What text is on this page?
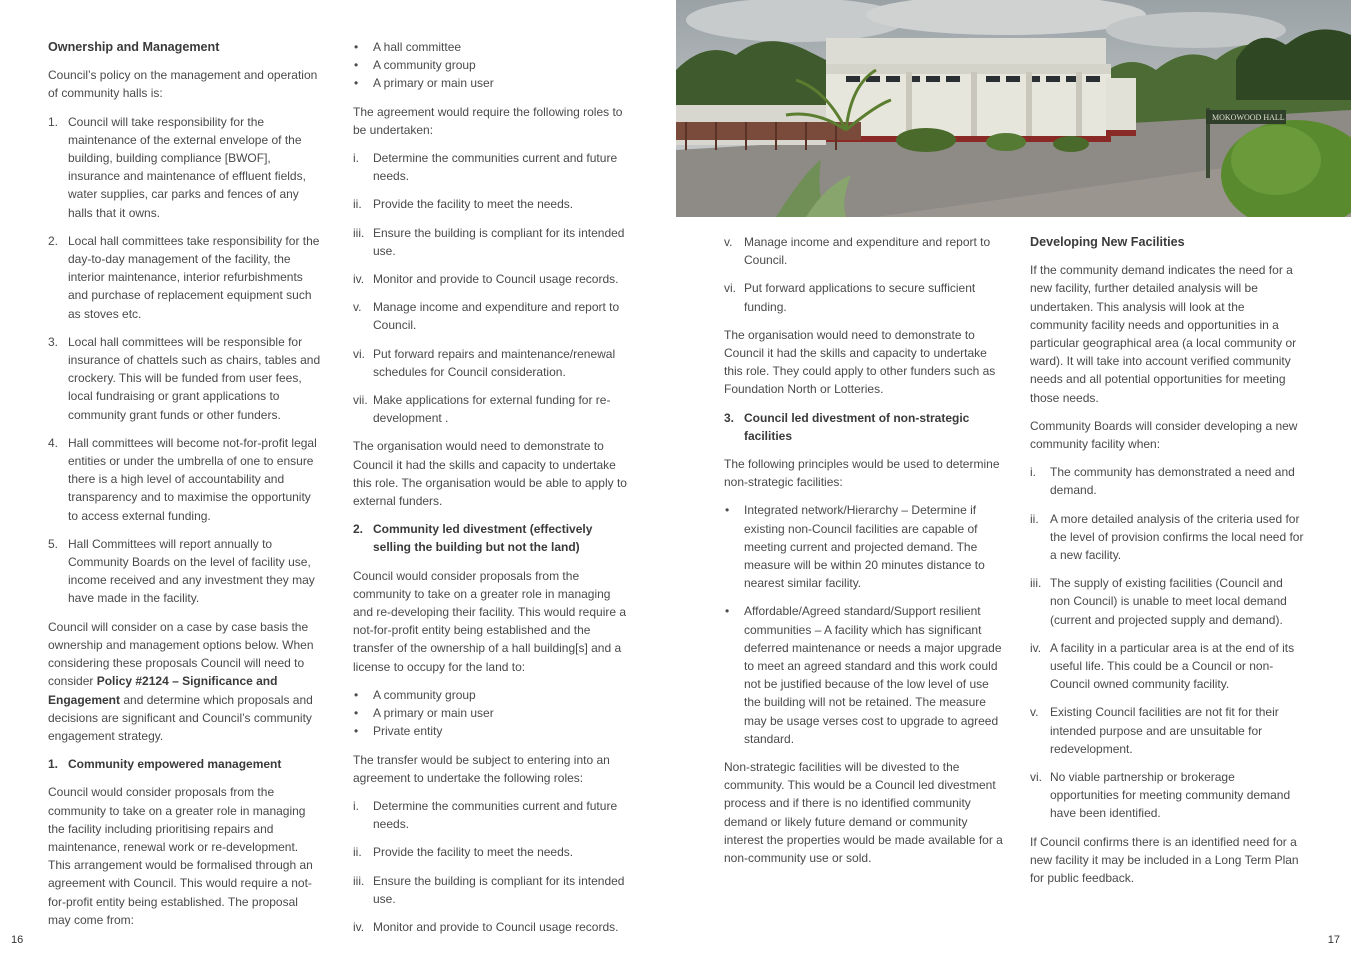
MOKOWOOD HALL
Ownership and Management

Council’s policy on the management and operation of community halls is:

1. Council will take responsibility for the maintenance of the external envelope of the building, building compliance [BWOF], insurance and maintenance of effluent fields, water supplies, car parks and fences of any halls that it owns.
2. Local hall committees take responsibility for the day-to-day management of the facility, the interior maintenance, interior refurbishments and purchase of replacement equipment such as stoves etc.
3. Local hall committees will be responsible for insurance of chattels such as chairs, tables and crockery. This will be funded from user fees, local fundraising or grant applications to community grant funds or other funders.
4. Hall committees will become not-for-profit legal entities or under the umbrella of one to ensure there is a high level of accountability and transparency and to maximise the opportunity to access external funding.
5. Hall Committees will report annually to Community Boards on the level of facility use, income received and any investment they may have made in the facility.

Council will consider on a case by case basis the ownership and management options below. When considering these proposals Council will need to consider Policy #2124 – Significance and Engagement and determine which proposals and decisions are significant and Council’s community engagement strategy.

1. Community empowered management

Council would consider proposals from the community to take on a greater role in managing the facility including prioritising repairs and maintenance, renewal work or re-development. This arrangement would be formalised through an agreement with Council. This would require a not-for-profit entity being established. The proposal may come from:

• A hall committee
• A community group
• A primary or main user

The agreement would require the following roles to be undertaken:

i. Determine the communities current and future needs.
ii. Provide the facility to meet the needs.
iii. Ensure the building is compliant for its intended use.
iv. Monitor and provide to Council usage records.
v. Manage income and expenditure and report to Council.
vi. Put forward repairs and maintenance/renewal schedules for Council consideration.
vii. Make applications for external funding for re-development .

The organisation would need to demonstrate to Council it had the skills and capacity to undertake this role. The organisation would be able to apply to external funders.

2. Community led divestment (effectively selling the building but not the land)

Council would consider proposals from the community to take on a greater role in managing and re-developing their facility. This would require a not-for-profit entity being established and the transfer of the ownership of a hall building[s] and a license to occupy for the land to:

• A community group
• A primary or main user
• Private entity

The transfer would be subject to entering into an agreement to undertake the following roles:

i. Determine the communities current and future needs.
ii. Provide the facility to meet the needs.
iii. Ensure the building is compliant for its intended use.
iv. Monitor and provide to Council usage records.
v. Manage income and expenditure and report to Council.
vi. Put forward applications to secure sufficient funding.

The organisation would need to demonstrate to Council it had the skills and capacity to undertake this role. They could apply to other funders such as Foundation North or Lotteries.

3. Council led divestment of non-strategic facilities

The following principles would be used to determine non-strategic facilities:

• Integrated network/Hierarchy – Determine if existing non-Council facilities are capable of meeting current and projected demand. The measure will be within 20 minutes distance to nearest similar facility.
• Affordable/Agreed standard/Support resilient communities – A facility which has significant deferred maintenance or needs a major upgrade to meet an agreed standard and this work could not be justified because of the low level of use the building will not be retained. The measure may be usage verses cost to upgrade to agreed standard.

Non-strategic facilities will be divested to the community. This would be a Council led divestment process and if there is no identified community demand or likely future demand or community interest the properties would be made available for a non-community use or sold.

Developing New Facilities

If the community demand indicates the need for a new facility, further detailed analysis will be undertaken. This analysis will look at the community facility needs and opportunities in a particular geographical area (a local community or ward). It will take into account verified community needs and all potential opportunities for meeting those needs.

Community Boards will consider developing a new community facility when:

i. The community has demonstrated a need and demand.
ii. A more detailed analysis of the criteria used for the level of provision confirms the local need for a new facility.
iii. The supply of existing facilities (Council and non Council) is unable to meet local demand (current and projected supply and demand).
iv. A facility in a particular area is at the end of its useful life. This could be a Council or non-Council owned community facility.
v. Existing Council facilities are not fit for their intended purpose and are unsuitable for redevelopment.
vi. No viable partnership or brokerage opportunities for meeting community demand have been identified.

If Council confirms there is an identified need for a new facility it may be included in a Long Term Plan for public feedback.

16	17
